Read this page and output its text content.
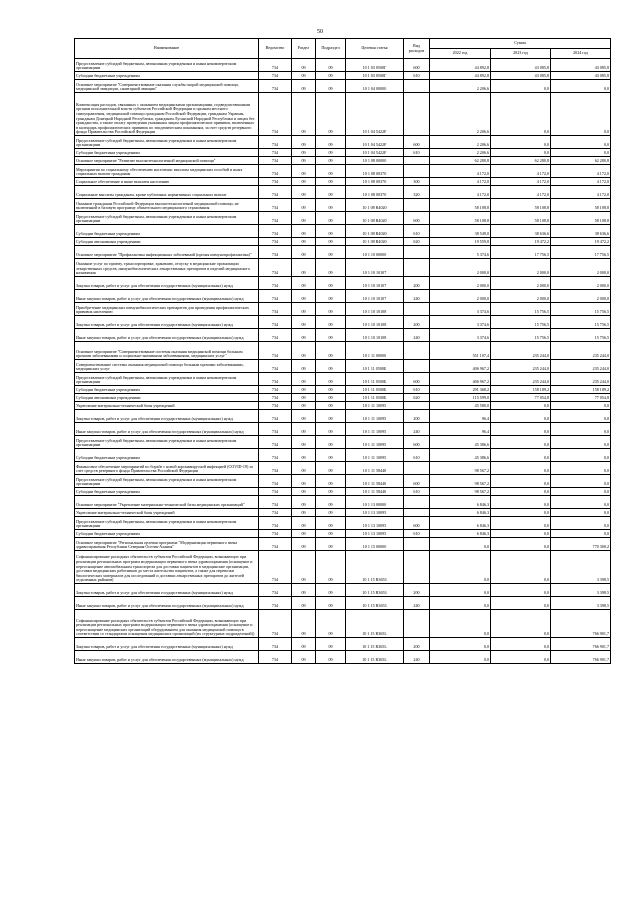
50
Наименование	Ведомство	Раздел	Подраздел	Целевая статья	Вид расходов	Сумма		
						2022 год	2023 год	2024 год
Предоставление субсидий бюджетным, автономным учреждениям и иным некоммерческим организациям	734	09	09	10 1 03 0500Г	600	44 892,8	43 085,8	43 085,8
Субсидии бюджетным учреждениям	734	09	09	10 1 03 0500Г	610	44 892,8	43 085,8	43 085,8
Основное мероприятие "Совершенствование оказания службы скорой медицинской помощи, медицинской эвакуации, санитарной авиации"	734	09	09	10 1 04 00000		2 206,6	0,0	0,0
Компенсация расходов, связанных с оказанием медицинскими организациями, подведомственными органам исполнительной власти субъектов Российской Федерации и органам местного самоуправления, медицинской помощи гражданам Российской Федерации, гражданам Украины, гражданам Донецкой Народной Республики, гражданам Луганской Народной Республики и лицам без гражданства, а также оплату проведения указанным лицам профилактических прививок, включенных в календарь профилактических прививок по эпидемическим показаниям, за счет средств резервного фонда Правительства Российской Федерации	734	09	09	10 1 04 5422F		2 206,6	0,0	0,0
Предоставление субсидий бюджетным, автономным учреждениям и иным некоммерческим организациям	734	09	09	10 1 04 5422F	600	2 206,6	0,0	0,0
Субсидии бюджетным учреждениям	734	09	09	10 1 04 5422F	610	2 206,6	0,0	0,0
Основное мероприятие "Развитие высокотехнологичной медицинской помощи"	734	09	09	10 1 08 00000		62 280,8	62 280,8	62 280,8
Мероприятия по социальному обеспечению населения: выплаты медицинских пособий и иных социальных выплат гражданам	734	09	09	10 1 08 00370		4 172,0	4 172,0	4 172,0
Социальное обеспечение и иные выплаты населению	734	09	09	10 1 08 00370	300	4 172,0	4 172,0	4 172,0
Социальные выплаты гражданам, кроме публичных нормативных социальных выплат	734	09	09	10 1 08 00370	320	4 172,0	4 172,0	4 172,0
Оказание гражданам Российской Федерации высокотехнологичной медицинской помощи, не включенной в базовую программу обязательного медицинского страхования	734	09	09	10 1 08 R4020		58 108,8	58 108,8	58 108,8
Предоставление субсидий бюджетным, автономным учреждениям и иным некоммерческим организациям	734	09	09	10 1 08 R4020	600	58 108,8	58 108,8	58 108,8
Субсидии бюджетным учреждениям	734	09	09	10 1 08 R4020	610	38 549,0	38 636,6	38 636,6
Субсидии автономным учреждениям	734	09	09	10 1 08 R4020	620	19 559,8	19 472,2	19 472,2
Основное мероприятие "Профилактика инфекционных заболеваний (прочая иммунопрофилактика)"	734	09	09	10 1 10 00000		5 374,6	17 756,5	17 756,5
Оказание услуг по приему, транспортировке, хранению, отпуску в медицинские организации лекарственных средств, иммунобиологических лекарственных препаратов и изделий медицинского назначения	734	09	09	10 1 10 10107		2 000,0	2 000,0	2 000,0
Закупка товаров, работ и услуг для обеспечения государственных (муниципальных) нужд	734	09	09	10 1 10 10107	200	2 000,0	2 000,0	2 000,0
Иные закупки товаров, работ и услуг для обеспечения государственных (муниципальных) нужд	734	09	09	10 1 10 10107	240	2 000,0	2 000,0	2 000,0
Приобретение медицинских иммунобиологических препаратов для проведения профилактических прививок населению	734	09	09	10 1 10 10108		3 374,6	15 756,5	15 756,5
Закупка товаров, работ и услуг для обеспечения государственных (муниципальных) нужд	734	09	09	10 1 10 10108	200	3 374,6	15 756,5	15 756,5
Иные закупки товаров, работ и услуг для обеспечения государственных (муниципальных) нужд	734	09	09	10 1 10 10108	240	3 374,6	15 756,5	15 756,5
Основное мероприятие "Совершенствование системы оказания медицинской помощи больным прочими заболеваниями и социально-значимыми заболеваниями, медицинских услуг"	734	09	09	10 1 11 00000		551 107,4	235 244,0	235 244,0
Совершенствование системы оказания медицинской помощи больным прочими заболеваниями, медицинских услуг	734	09	09	10 1 11 0500Б		406 967,2	235 244,0	235 244,0
Предоставление субсидий бюджетным, автономным учреждениям и иным некоммерческим организациям	734	09	09	10 1 11 0500Б	600	406 967,2	235 244,0	235 244,0
Субсидии бюджетным учреждениям	734	09	09	10 1 11 0500Б	610	291 368,2	158 189,2	158 189,2
Субсидии автономным учреждениям	734	09	09	10 1 11 0500Б	620	115 599,0	77 054,8	77 054,8
Укрепление материально-технической базы учреждений	734	09	09	10 1 11 10095		45 580,0	0,0	0,0
Закупка товаров, работ и услуг для обеспечения государственных (муниципальных) нужд	734	09	09	10 1 11 10095	200	96,4	0,0	0,0
Иные закупки товаров, работ и услуг для обеспечения государственных (муниципальных) нужд	734	09	09	10 1 11 10095	240	96,4	0,0	0,0
Предоставление субсидий бюджетным, автономным учреждениям и иным некоммерческим организациям	734	09	09	10 1 11 10095	600	45 386,6	0,0	0,0
Субсидии бюджетным учреждениям	734	09	09	10 1 11 10095	610	45 386,6	0,0	0,0
Финансовое обеспечение мероприятий по борьбе с новой коронавирусной инфекцией (COVID-19) за счет средств резервного фонда Правительства Российской Федерации	734	09	09	10 1 11 58440		98 567,2	0,0	0,0
Предоставление субсидий бюджетным, автономным учреждениям и иным некоммерческим организациям	734	09	09	10 1 11 58440	600	98 567,2	0,0	0,0
Субсидии бюджетным учреждениям	734	09	09	10 1 11 58440	610	98 567,2	0,0	0,0
Основное мероприятие "Укрепление материально-технической базы медицинских организаций"	734	09	09	10 1 13 00000		6 846,3	0,0	0,0
Укрепление материально-технической базы учреждений	734	09	09	10 1 13 10095		6 846,3	0,0	0,0
Предоставление субсидий бюджетным, автономным учреждениям и иным некоммерческим организациям	734	09	09	10 1 13 10095	600	6 846,3	0,0	0,0
Субсидии бюджетным учреждениям	734	09	09	10 1 13 10095	610	6 846,3	0,0	0,0
Основное мероприятие "Региональная целевая программа "Модернизация первичного звена здравоохранения Республики Северная Осетия-Алания"	734	09	09	10 1 15 00000		0,0	0,0	770 300,2
Софинансирование расходных обязательств субъектов Российской Федерации, возникающих при реализации региональных программ модернизации первичного звена здравоохранения (оснащение и переоснащение автомобильным транспортом для доставки пациентов в медицинские организации, доставки медицинских работников до места жительства пациентов, а также для перевозки биологических материалов для исследований и доставки лекарственных препаратов до жителей отдаленных районов)	734	09	09	10 1 15 R3653		0,0	0,0	3 398,5
Закупка товаров, работ и услуг для обеспечения государственных (муниципальных) нужд	734	09	09	10 1 15 R3653	200	0,0	0,0	3 398,5
Иные закупки товаров, работ и услуг для обеспечения государственных (муниципальных) нужд	734	09	09	10 1 15 R3653	240	0,0	0,0	3 398,5
Софинансирование расходных обязательств субъектов Российской Федерации, возникающих при реализации региональных программ модернизации первичного звена здравоохранения (оснащение и переоснащение медицинских организаций оборудованием для оказания медицинской помощи в соответствии со стандартами оснащения медицинских организаций (их структурных подразделений))	734	09	09	10 1 15 R365L		0,0	0,0	766 901,7
Закупка товаров, работ и услуг для обеспечения государственных (муниципальных) нужд	734	09	09	10 1 15 R365L	200	0,0	0,0	766 901,7
Иные закупки товаров, работ и услуг для обеспечения государственных (муниципальных) нужд	734	09	09	10 1 15 R365L	240	0,0	0,0	766 901,7
